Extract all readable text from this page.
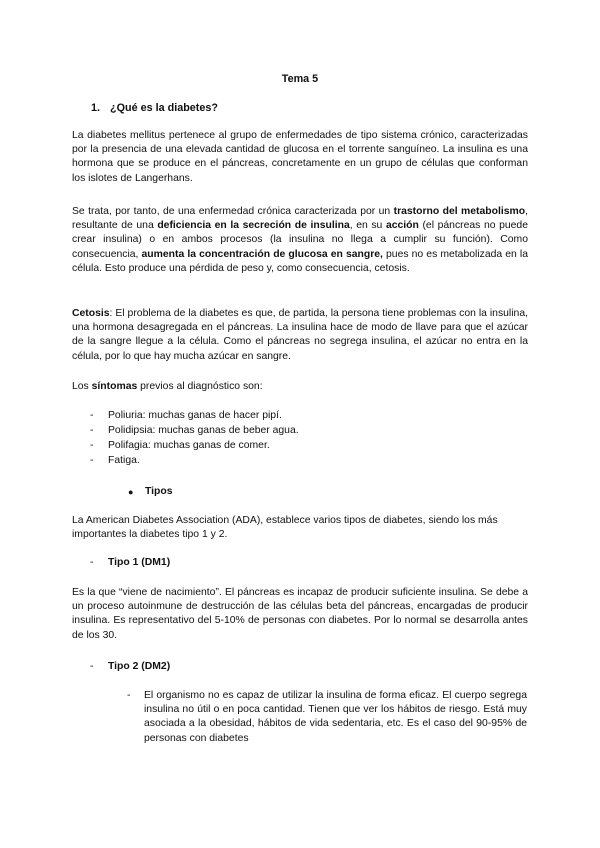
Tema 5
1. ¿Qué es la diabetes?

La diabetes mellitus pertenece al grupo de enfermedades de tipo sistema crónico, caracterizadas por la presencia de una elevada cantidad de glucosa en el torrente sanguíneo. La insulina es una hormona que se produce en el páncreas, concretamente en un grupo de células que conforman los islotes de Langerhans.

Se trata, por tanto, de una enfermedad crónica caracterizada por un trastorno del metabolismo, resultante de una deficiencia en la secreción de insulina, en su acción (el páncreas no puede crear insulina) o en ambos procesos (la insulina no llega a cumplir su función). Como consecuencia, aumenta la concentración de glucosa en sangre, pues no es metabolizada en la célula. Esto produce una pérdida de peso y, como consecuencia, cetosis.

Cetosis: El problema de la diabetes es que, de partida, la persona tiene problemas con la insulina, una hormona desagregada en el páncreas. La insulina hace de modo de llave para que el azúcar de la sangre llegue a la célula. Como el páncreas no segrega insulina, el azúcar no entra en la célula, por lo que hay mucha azúcar en sangre.

Los síntomas previos al diagnóstico son:

- Poliuria: muchas ganas de hacer pipí.
- Polidipsia: muchas ganas de beber agua.
- Polifagia: muchas ganas de comer.
- Fatiga.
● Tipos

La American Diabetes Association (ADA), establece varios tipos de diabetes, siendo los más importantes la diabetes tipo 1 y 2.

- Tipo 1 (DM1)

Es la que “viene de nacimiento”. El páncreas es incapaz de producir suficiente insulina. Se debe a un proceso autoinmune de destrucción de las células beta del páncreas, encargadas de producir insulina. Es representativo del 5-10% de personas con diabetes. Por lo normal se desarrolla antes de los 30.

- Tipo 2 (DM2)
- El organismo no es capaz de utilizar la insulina de forma eficaz. El cuerpo segrega insulina no útil o en poca cantidad. Tienen que ver los hábitos de riesgo. Está muy asociada a la obesidad, hábitos de vida sedentaria, etc. Es el caso del 90-95% de personas con diabetes
